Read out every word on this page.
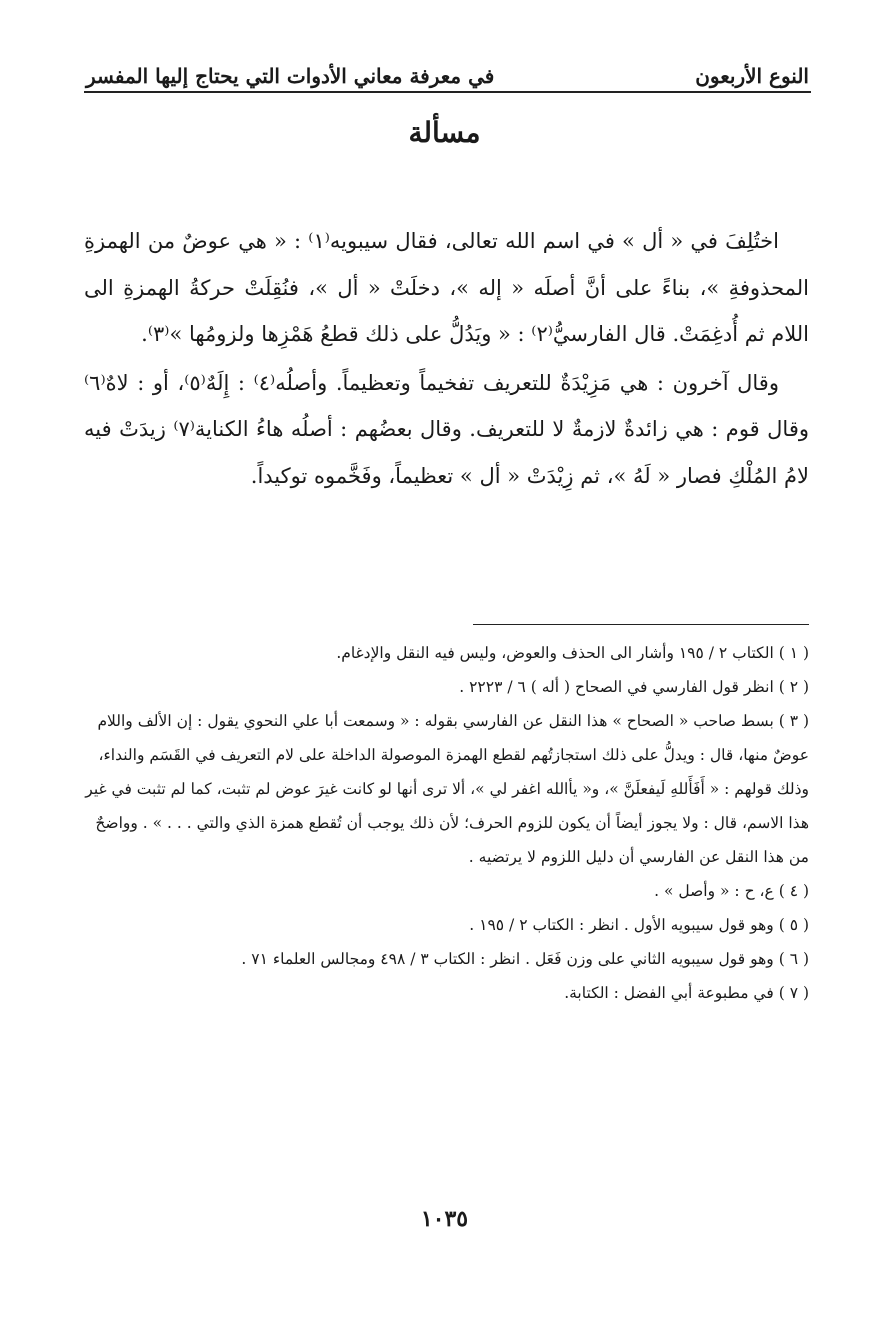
النوع الأربعون
في معرفة معاني الأدوات التي يحتاج إليها المفسر
مسألة

اختُلِفَ في « أل » في اسم الله تعالى، فقال سيبويه⁽١⁾ : « هي عوضٌ من الهمزةِ المحذوفةِ »، بناءً على أنَّ أصلَه « إله »، دخلَتْ « أل »، فنُقِلَتْ حركةُ الهمزةِ الى اللام ثم أُدغِمَتْ. قال الفارسيُّ⁽٢⁾ : « ويَدُلُّ على ذلك قطعُ هَمْزِها ولزومُها »⁽٣⁾.

وقال آخرون : هي مَزِيْدَةٌ للتعريف تفخيماً وتعظيماً. وأصلُه⁽٤⁾ : إِلَهٌ⁽٥⁾، أو : لاهٌ⁽٦⁾ وقال قوم : هي زائدةٌ لازمةٌ لا للتعريف. وقال بعضُهم : أصلُه هاءُ الكناية⁽٧⁾ زيدَتْ فيه لامُ المُلْكِ فصار « لَهُ »، ثم زِيْدَتْ « أل » تعظيماً، وفَخَّموه توكيداً.

( ١ ) الكتاب ٢ / ١٩٥ وأشار الى الحذف والعوض، وليس فيه النقل والإدغام.
( ٢ ) انظر قول الفارسي في الصحاح ( أله ) ٦ / ٢٢٢٣ .
( ٣ ) بسط صاحب « الصحاح » هذا النقل عن الفارسي بقوله : « وسمعت أبا علي النحوي يقول : إن الألف واللام عوضٌ منها، قال : ويدلُّ على ذلك استجازتُهم لقطع الهمزة الموصولة الداخلة على لام التعريف في القَسَم والنداء، وذلك قولهم : « أَفَأَللهِ لَيفعلَنَّ »، و« يأالله اغفر لي »، ألا ترى أنها لو كانت غيرَ عوض لم تثبت، كما لم تثبت في غير هذا الاسم، قال : ولا يجوز أيضاً أن يكون للزوم الحرف؛ لأن ذلك يوجب أن تُقطع همزة الذي والتي . . . » . وواضحٌ من هذا النقل عن الفارسي أن دليل اللزوم لا يرتضيه .
( ٤ ) ع، ح : « وأصل » .
( ٥ ) وهو قول سيبويه الأول . انظر : الكتاب ٢ / ١٩٥ .
( ٦ ) وهو قول سيبويه الثاني على وزن فَعَل . انظر : الكتاب ٣ / ٤٩٨ ومجالس العلماء ٧١ .
( ٧ ) في مطبوعة أبي الفضل : الكتابة.
١٠٣٥
